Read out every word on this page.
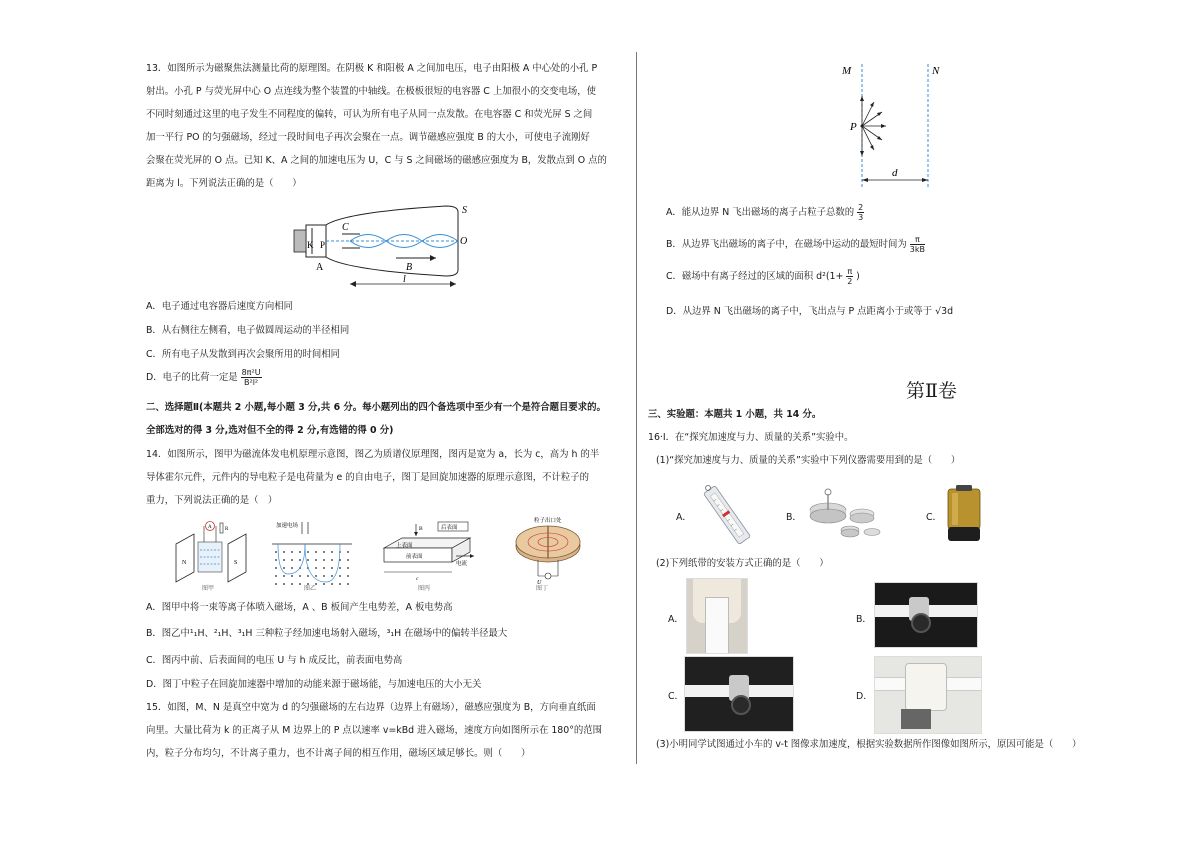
13．如图所示为磁聚焦法测量比荷的原理图。在阴极 K 和阳极 A 之间加电压，电子由阳极 A 中心处的小孔 P
射出。小孔 P 与荧光屏中心 O 点连线为整个装置的中轴线。在极板很短的电容器 C 上加很小的交变电场，使
不同时刻通过这里的电子发生不同程度的偏转，可认为所有电子从同一点发散。在电容器 C 和荧光屏 S 之间
加一平行 PO 的匀强磁场，经过一段时间电子再次会聚在一点。调节磁感应强度 B 的大小，可使电子流刚好
会聚在荧光屏的 O 点。已知 K、A 之间的加速电压为 U，C 与 S 之间磁场的磁感应强度为 B，发散点到 O 点的
距离为 l。下列说法正确的是（　　）
S
C
K P	O
B
A
l
A．电子通过电容器后速度方向相同
B．从右侧往左侧看，电子做圆周运动的半径相同
C．所有电子从发散到再次会聚所用的时间相同
D．电子的比荷一定是 $\frac{\text{8π²U}}{\text{B²l²}}$
二、选择题Ⅱ(本题共 2 小题,每小题 3 分,共 6 分。每小题列出的四个备选项中至少有一个是符合题目要求的。
全部选对的得 3 分,选对但不全的得 2 分,有选错的得 0 分)
14．如图所示，图甲为磁流体发电机原理示意图，图乙为质谱仪原理图，图丙是宽为 a，长为 c，高为 h 的半
导体霍尔元件，元件内的导电粒子是电荷量为 e 的自由电子，图丁是回旋加速器的原理示意图，不计粒子的
重力，下列说法正确的是（　）
N	S
A	R
图甲
加速电场
图乙
后表面
上表面
前表面
电流
B
c
图丙
粒子出口处
U
图丁
A．图甲中将一束等离子体喷入磁场，A 、B 板间产生电势差，A 板电势高
B．图乙中¹₁H、²₁H、³₁H 三种粒子经加速电场射入磁场，³₁H 在磁场中的偏转半径最大
C．图丙中前、后表面间的电压 U 与 h 成反比，前表面电势高
D．图丁中粒子在回旋加速器中增加的动能来源于磁场能，与加速电压的大小无关
15．如图，M、N 是真空中宽为 d 的匀强磁场的左右边界（边界上有磁场），磁感应强度为 B，方向垂直纸面
向里。大量比荷为 k 的正离子从 M 边界上的 P 点以速率 v=kBd 进入磁场，速度方向如图所示在 180°的范围
内，粒子分布均匀，不计离子重力，也不计离子间的相互作用，磁场区域足够长。则（　　）
M	N
P
d
A．能从边界 N 飞出磁场的离子占粒子总数的 $\frac{2}{3}$
B．从边界飞出磁场的离子中，在磁场中运动的最短时间为 $\frac{\pi}{3kB}$
C．磁场中有离子经过的区域的面积 $d^2(1+ \frac{\pi}{2}$ )
D．从边界 N 飞出磁场的离子中，飞出点与 P 点距离小于或等于 √3d
第Ⅱ卷
三、实验题：本题共 1 小题，共 14 分。
16·Ⅰ．在“探究加速度与力、质量的关系”实验中。
(1)“探究加速度与力、质量的关系”实验中下列仪器需要用到的是（　　）
A．	B．	C．
(2)下列纸带的安装方式正确的是（　　）
A．	B．
C．	D．
(3)小明同学试图通过小车的 v-t 图像求加速度，根据实验数据所作图像如图所示，原因可能是（　　）
